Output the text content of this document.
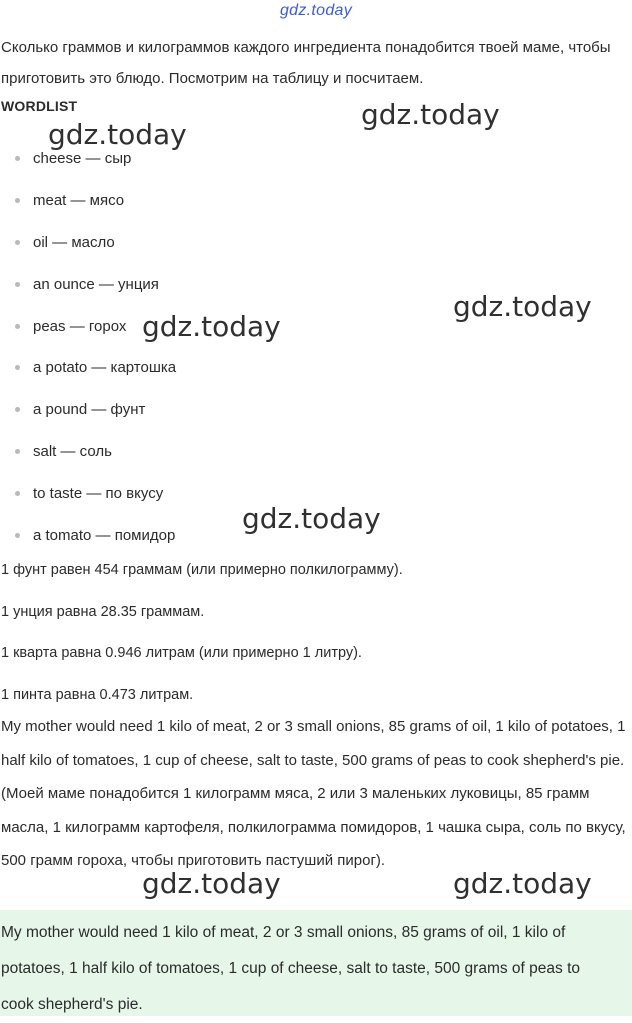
gdz.today

Сколько граммов и килограммов каждого ингредиента понадобится твоей маме, чтобы приготовить это блюдо. Посмотрим на таблицу и посчитаем.

WORDLIST
cheese — сыр
meat — мясо
oil — масло
an ounce — унция
peas — горох
a potato — картошка
a pound — фунт
salt — соль
to taste — по вкусу
a tomato — помидор
1 фунт равен 454 граммам (или примерно полкилограмму).
1 унция равна 28.35 граммам.
1 кварта равна 0.946 литрам (или примерно 1 литру).
1 пинта равна 0.473 литрам.

My mother would need 1 kilo of meat, 2 or 3 small onions, 85 grams of oil, 1 kilo of potatoes, 1 half kilo of tomatoes, 1 cup of cheese, salt to taste, 500 grams of peas to cook shepherd's pie. (Моей маме понадобится 1 килограмм мяса, 2 или 3 маленьких луковицы, 85 грамм масла, 1 килограмм картофеля, полкилограмма помидоров, 1 чашка сыра, соль по вкусу, 500 грамм гороха, чтобы приготовить пастуший пирог).

My mother would need 1 kilo of meat, 2 or 3 small onions, 85 grams of oil, 1 kilo of potatoes, 1 half kilo of tomatoes, 1 cup of cheese, salt to taste, 500 grams of peas to cook shepherd's pie.
gdz.today
gdz.today
gdz.today
gdz.today
gdz.today
gdz.today	gdz.today
